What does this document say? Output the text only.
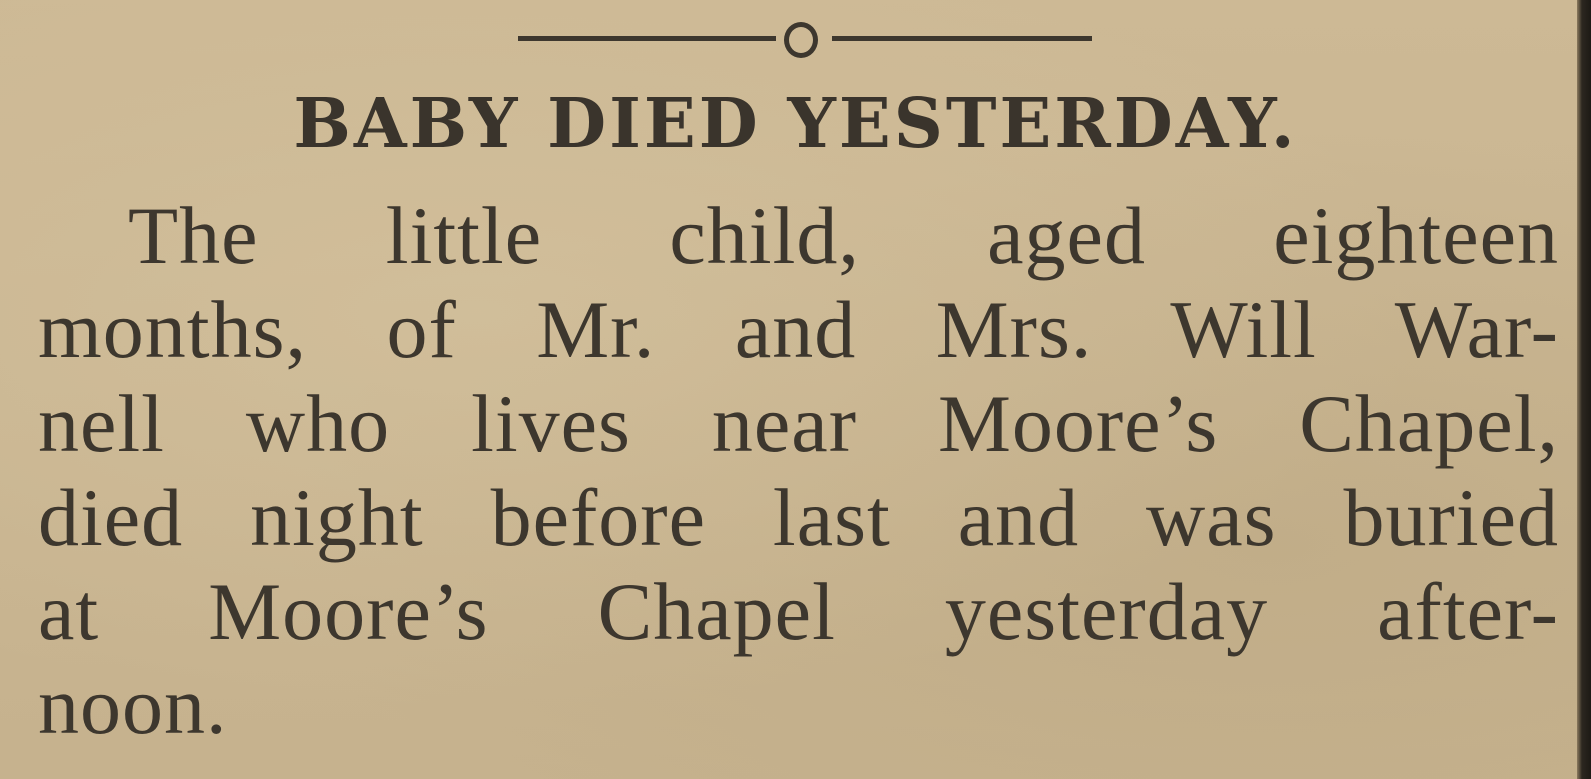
BABY DIED YESTERDAY.
The little child, aged eighteen
months, of Mr. and Mrs. Will War-
nell who lives near Moore’s Chapel,
died night before last and was buried
at Moore’s Chapel yesterday after-
noon.
